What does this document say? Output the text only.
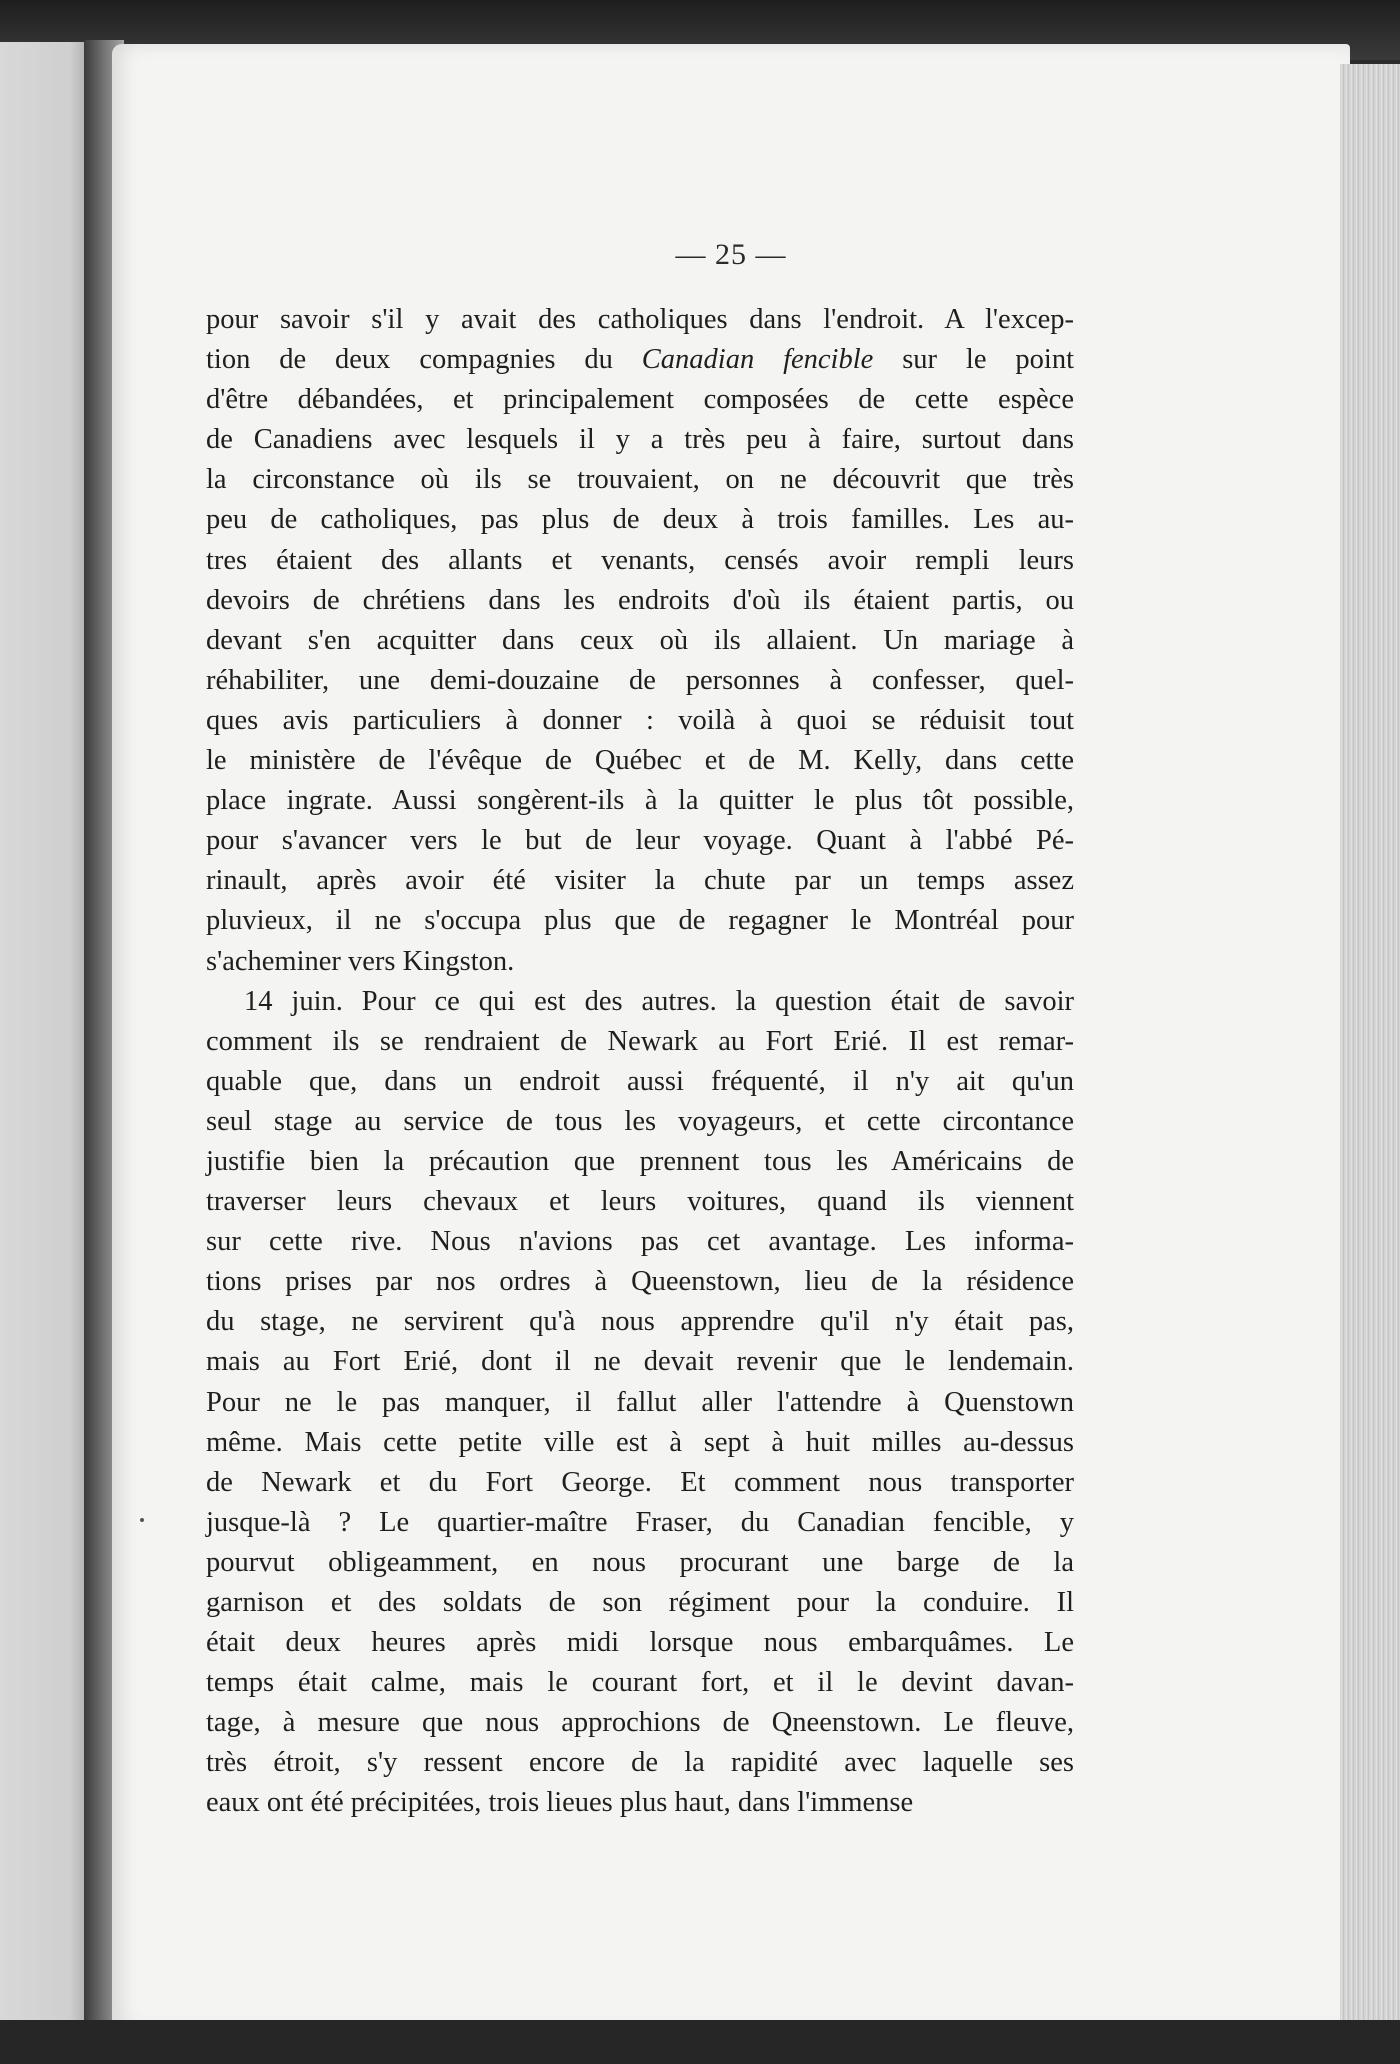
— 25 —
pour savoir s'il y avait des catholiques dans l'endroit. A l'excep-
tion de deux compagnies du Canadian fencible sur le point
d'être débandées, et principalement composées de cette espèce
de Canadiens avec lesquels il y a très peu à faire, surtout dans
la circonstance où ils se trouvaient, on ne découvrit que très
peu de catholiques, pas plus de deux à trois familles. Les au-
tres étaient des allants et venants, censés avoir rempli leurs
devoirs de chrétiens dans les endroits d'où ils étaient partis, ou
devant s'en acquitter dans ceux où ils allaient. Un mariage à
réhabiliter, une demi-douzaine de personnes à confesser, quel-
ques avis particuliers à donner : voilà à quoi se réduisit tout
le ministère de l'évêque de Québec et de M. Kelly, dans cette
place ingrate. Aussi songèrent-ils à la quitter le plus tôt possible,
pour s'avancer vers le but de leur voyage. Quant à l'abbé Pé-
rinault, après avoir été visiter la chute par un temps assez
pluvieux, il ne s'occupa plus que de regagner le Montréal pour
s'acheminer vers Kingston.
14 juin. Pour ce qui est des autres. la question était de savoir
comment ils se rendraient de Newark au Fort Erié. Il est remar-
quable que, dans un endroit aussi fréquenté, il n'y ait qu'un
seul stage au service de tous les voyageurs, et cette circontance
justifie bien la précaution que prennent tous les Américains de
traverser leurs chevaux et leurs voitures, quand ils viennent
sur cette rive. Nous n'avions pas cet avantage. Les informa-
tions prises par nos ordres à Queenstown, lieu de la résidence
du stage, ne servirent qu'à nous apprendre qu'il n'y était pas,
mais au Fort Erié, dont il ne devait revenir que le lendemain.
Pour ne le pas manquer, il fallut aller l'attendre à Quenstown
même. Mais cette petite ville est à sept à huit milles au-dessus
de Newark et du Fort George. Et comment nous transporter
jusque-là ? Le quartier-maître Fraser, du Canadian fencible, y
pourvut obligeamment, en nous procurant une barge de la
garnison et des soldats de son régiment pour la conduire. Il
était deux heures après midi lorsque nous embarquâmes. Le
temps était calme, mais le courant fort, et il le devint davan-
tage, à mesure que nous approchions de Qneenstown. Le fleuve,
très étroit, s'y ressent encore de la rapidité avec laquelle ses
eaux ont été précipitées, trois lieues plus haut, dans l'immense
